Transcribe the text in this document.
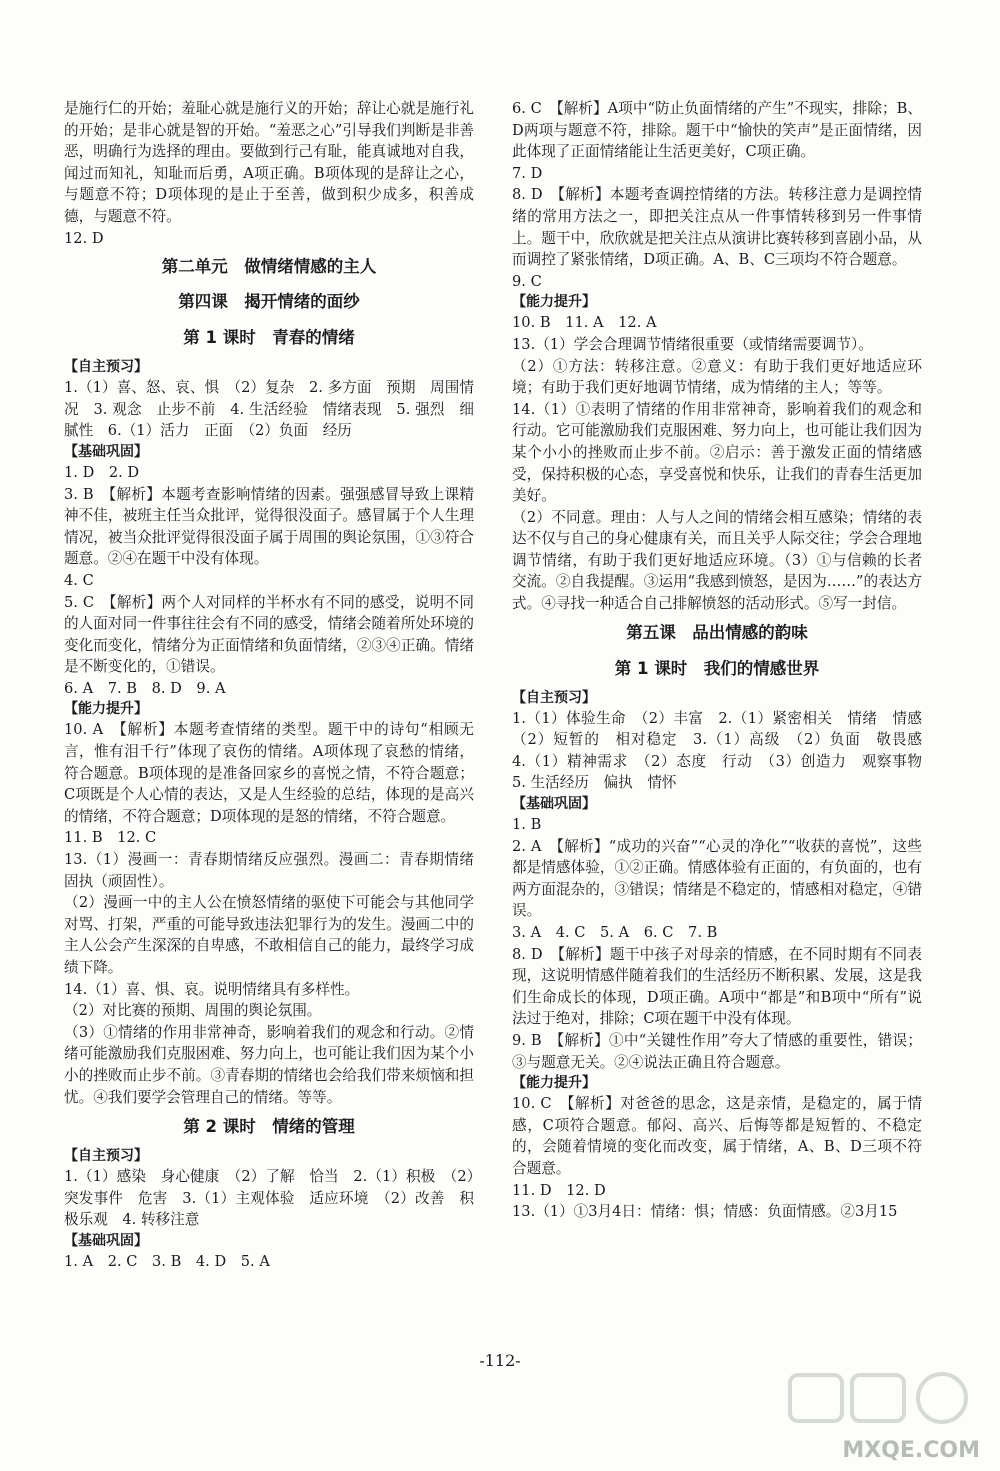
是施行仁的开始；羞耻心就是施行义的开始；辞让心就是施行礼的开始；是非心就是智的开始。“羞恶之心”引导我们判断是非善恶，明确行为选择的理由。要做到行己有耻，能真诚地对自我，闻过而知礼，知耻而后勇，A项正确。B项体现的是辞让之心，与题意不符；D项体现的是止于至善，做到积少成多，积善成德，与题意不符。
12. D
第二单元　做情绪情感的主人
第四课　揭开情绪的面纱
第 1 课时　青春的情绪
【自主预习】
1.（1）喜、怒、哀、惧　（2）复杂　2. 多方面　预期　周围情况　3. 观念　止步不前　4. 生活经验　情绪表现　5. 强烈　细腻性　6.（1）活力　正面　（2）负面　经历
【基础巩固】
1. D　2. D
3. B　【解析】本题考查影响情绪的因素。强强感冒导致上课精神不佳，被班主任当众批评，觉得很没面子。感冒属于个人生理情况，被当众批评觉得很没面子属于周围的舆论氛围，①③符合题意。②④在题干中没有体现。
4. C
5. C　【解析】两个人对同样的半杯水有不同的感受，说明不同的人面对同一件事往往会有不同的感受，情绪会随着所处环境的变化而变化，情绪分为正面情绪和负面情绪，②③④正确。情绪是不断变化的，①错误。
6. A　7. B　8. D　9. A
【能力提升】
10. A　【解析】本题考查情绪的类型。题干中的诗句“相顾无言，惟有泪千行”体现了哀伤的情绪。A项体现了哀愁的情绪，符合题意。B项体现的是准备回家乡的喜悦之情，不符合题意；C项既是个人心情的表达，又是人生经验的总结，体现的是高兴的情绪，不符合题意；D项体现的是怒的情绪，不符合题意。
11. B　12. C
13.（1）漫画一：青春期情绪反应强烈。漫画二：青春期情绪固执（顽固性）。
（2）漫画一中的主人公在愤怒情绪的驱使下可能会与其他同学对骂、打架，严重的可能导致违法犯罪行为的发生。漫画二中的主人公会产生深深的自卑感，不敢相信自己的能力，最终学习成绩下降。
14.（1）喜、惧、哀。说明情绪具有多样性。
（2）对比赛的预期、周围的舆论氛围。
（3）①情绪的作用非常神奇，影响着我们的观念和行动。②情绪可能激励我们克服困难、努力向上，也可能让我们因为某个小小的挫败而止步不前。③青春期的情绪也会给我们带来烦恼和担忧。④我们要学会管理自己的情绪。等等。
第 2 课时　情绪的管理
【自主预习】
1.（1）感染　身心健康　（2）了解　恰当　2.（1）积极　（2）突发事件　危害　3.（1）主观体验　适应环境　（2）改善　积极乐观　4. 转移注意
【基础巩固】
1. A　2. C　3. B　4. D　5. A
6. C　【解析】A项中“防止负面情绪的产生”不现实，排除；B、D两项与题意不符，排除。题干中“愉快的笑声”是正面情绪，因此体现了正面情绪能让生活更美好，C项正确。
7. D
8. D　【解析】本题考查调控情绪的方法。转移注意力是调控情绪的常用方法之一，即把关注点从一件事情转移到另一件事情上。题干中，欣欣就是把关注点从演讲比赛转移到喜剧小品，从而调控了紧张情绪，D项正确。A、B、C三项均不符合题意。
9. C
【能力提升】
10. B　11. A　12. A
13.（1）学会合理调节情绪很重要（或情绪需要调节）。
（2）①方法：转移注意。②意义：有助于我们更好地适应环境；有助于我们更好地调节情绪，成为情绪的主人；等等。
14.（1）①表明了情绪的作用非常神奇，影响着我们的观念和行动。它可能激励我们克服困难、努力向上，也可能让我们因为某个小小的挫败而止步不前。②启示：善于激发正面的情绪感受，保持积极的心态，享受喜悦和快乐，让我们的青春生活更加美好。
（2）不同意。理由：人与人之间的情绪会相互感染；情绪的表达不仅与自己的身心健康有关，而且关乎人际交往；学会合理地调节情绪，有助于我们更好地适应环境。（3）①与信赖的长者交流。②自我提醒。③运用“我感到愤怒，是因为……”的表达方式。④寻找一种适合自己排解愤怒的活动形式。⑤写一封信。
第五课　品出情感的韵味
第 1 课时　我们的情感世界
【自主预习】
1.（1）体验生命　（2）丰富　2.（1）紧密相关　情绪　情感　（2）短暂的　相对稳定　3.（1）高级　（2）负面　敬畏感　4.（1）精神需求　（2）态度　行动　（3）创造力　观察事物　5. 生活经历　偏执　情怀
【基础巩固】
1. B
2. A　【解析】“成功的兴奋”“心灵的净化”“收获的喜悦”，这些都是情感体验，①②正确。情感体验有正面的，有负面的，也有两方面混杂的，③错误；情绪是不稳定的，情感相对稳定，④错误。
3. A　4. C　5. A　6. C　7. B
8. D　【解析】题干中孩子对母亲的情感，在不同时期有不同表现，这说明情感伴随着我们的生活经历不断积累、发展，这是我们生命成长的体现，D项正确。A项中“都是”和B项中“所有”说法过于绝对，排除；C项在题干中没有体现。
9. B　【解析】①中“关键性作用”夸大了情感的重要性，错误；③与题意无关。②④说法正确且符合题意。
【能力提升】
10. C　【解析】对爸爸的思念，这是亲情，是稳定的，属于情感，C项符合题意。郁闷、高兴、后悔等都是短暂的、不稳定的，会随着情境的变化而改变，属于情绪，A、B、D三项不符合题意。
11. D　12. D
13.（1）①3月4日：情绪：惧；情感：负面情感。②3月15
-112-
MXQE.COM
